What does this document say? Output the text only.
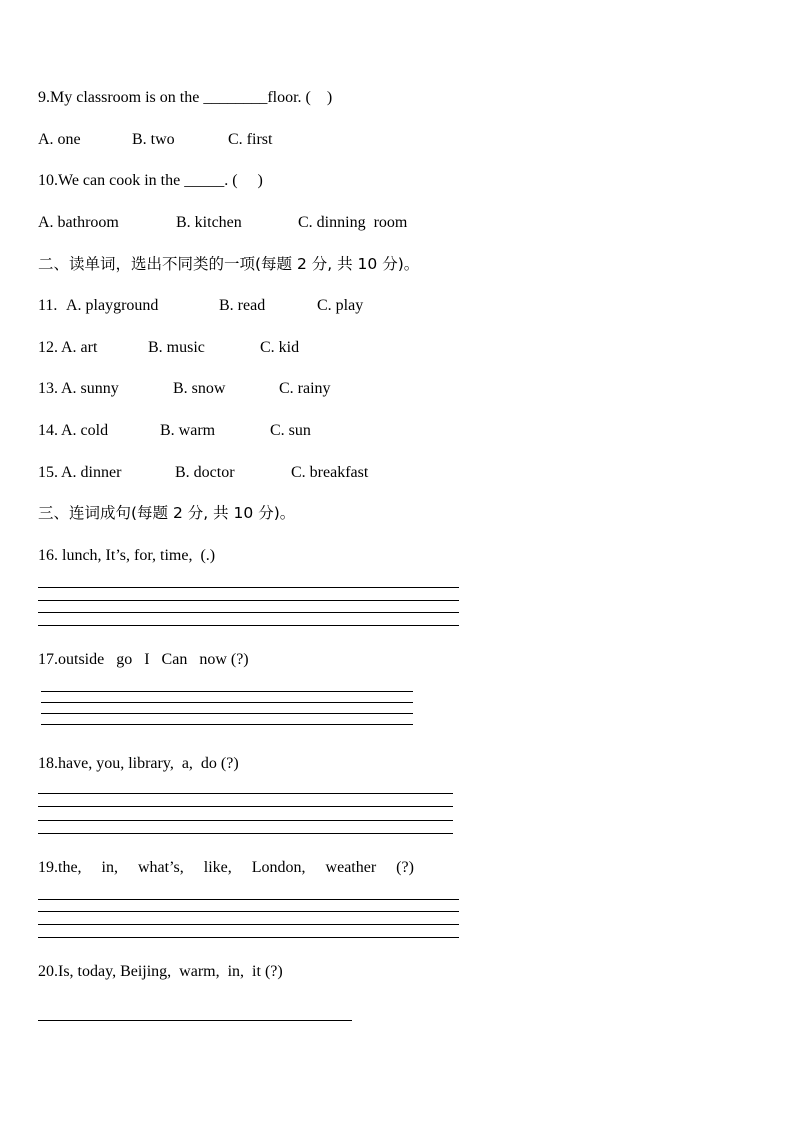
9.My classroom is on the ________floor. (    )

A. one

	B. two

	C. first

10.We can cook in the _____. (     )

A. bathroom

	B. kitchen

	C. dinning  room

二、读单词，选出不同类的一项(每题 2 分, 共 10 分)。

11.

A. playground

	B. read

	C. play

12.

A. art

	B. music

	C. kid

13.

A. sunny

	B. snow

	C. rainy

14.

A. cold

	B. warm

	C. sun

15.

A. dinner

	B. doctor

	C. breakfast

三、连词成句(每题 2 分, 共 10 分)。
16. lunch, It’s, for, time,  (.)
17.outside   go   I   Can   now (?)
18.have, you, library,  a,  do (?)
19.the,     in,     what’s,     like,     London,     weather     (?)
20.Is, today, Beijing,  warm,  in,  it (?)
